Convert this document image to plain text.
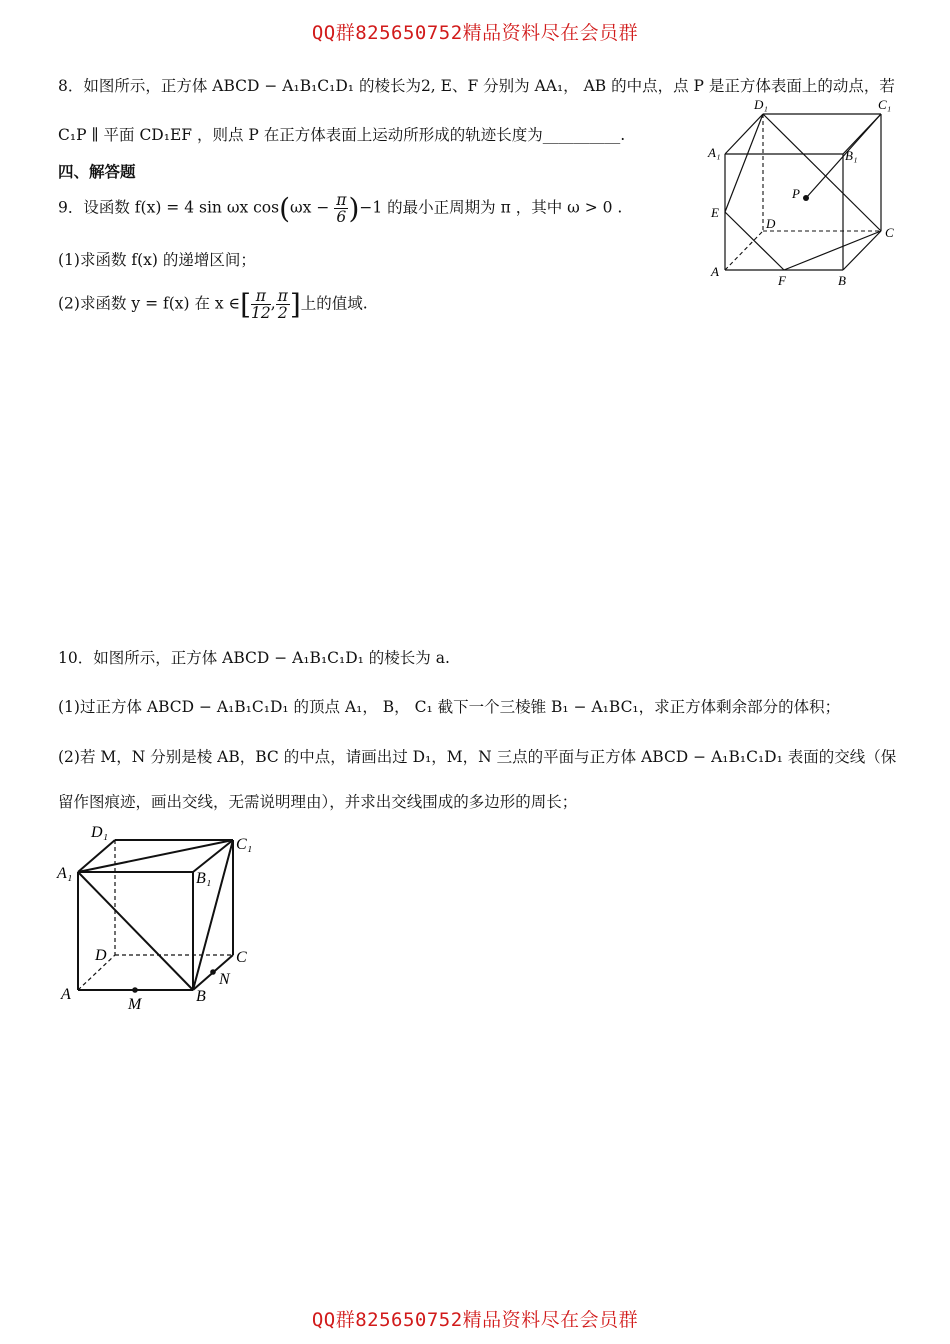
QQ群825650752精品资料尽在会员群
8．如图所示，正方体 ABCD − A₁B₁C₁D₁ 的棱长为2, E、F 分别为 AA₁， AB 的中点，点 P 是正方体表面上的动点，若
C₁P ∥ 平面 CD₁EF ，则点 P 在正方体表面上运动所形成的轨迹长度为__________.
D₁	C₁
A₁	B₁
P
E
D
C
A
F	B
四、解答题
9．设函数 f(x) = 4 sin ωx $\cos(\omega x - \frac{\pi}{6} )-1$ 的最小正周期为 π ，其中 ω > 0 .
(1)求函数 f(x) 的递增区间；
(2)求函数 y = f(x) 在 x ∈[ $\frac{\pi}{12}$ , $\frac{\pi}{2}$ ]上的值域.
10．如图所示，正方体 ABCD − A₁B₁C₁D₁ 的棱长为 a.
(1)过正方体 ABCD − A₁B₁C₁D₁ 的顶点 A₁， B， C₁ 截下一个三棱锥 B₁ − A₁BC₁，求正方体剩余部分的体积；
(2)若 M，N 分别是棱 AB，BC 的中点，请画出过 D₁，M，N 三点的平面与正方体 ABCD − A₁B₁C₁D₁ 表面的交线（保
留作图痕迹，画出交线，无需说明理由），并求出交线围成的多边形的周长；
D₁
C₁
A₁	B₁
D	C
A	B
M
N
QQ群825650752精品资料尽在会员群
